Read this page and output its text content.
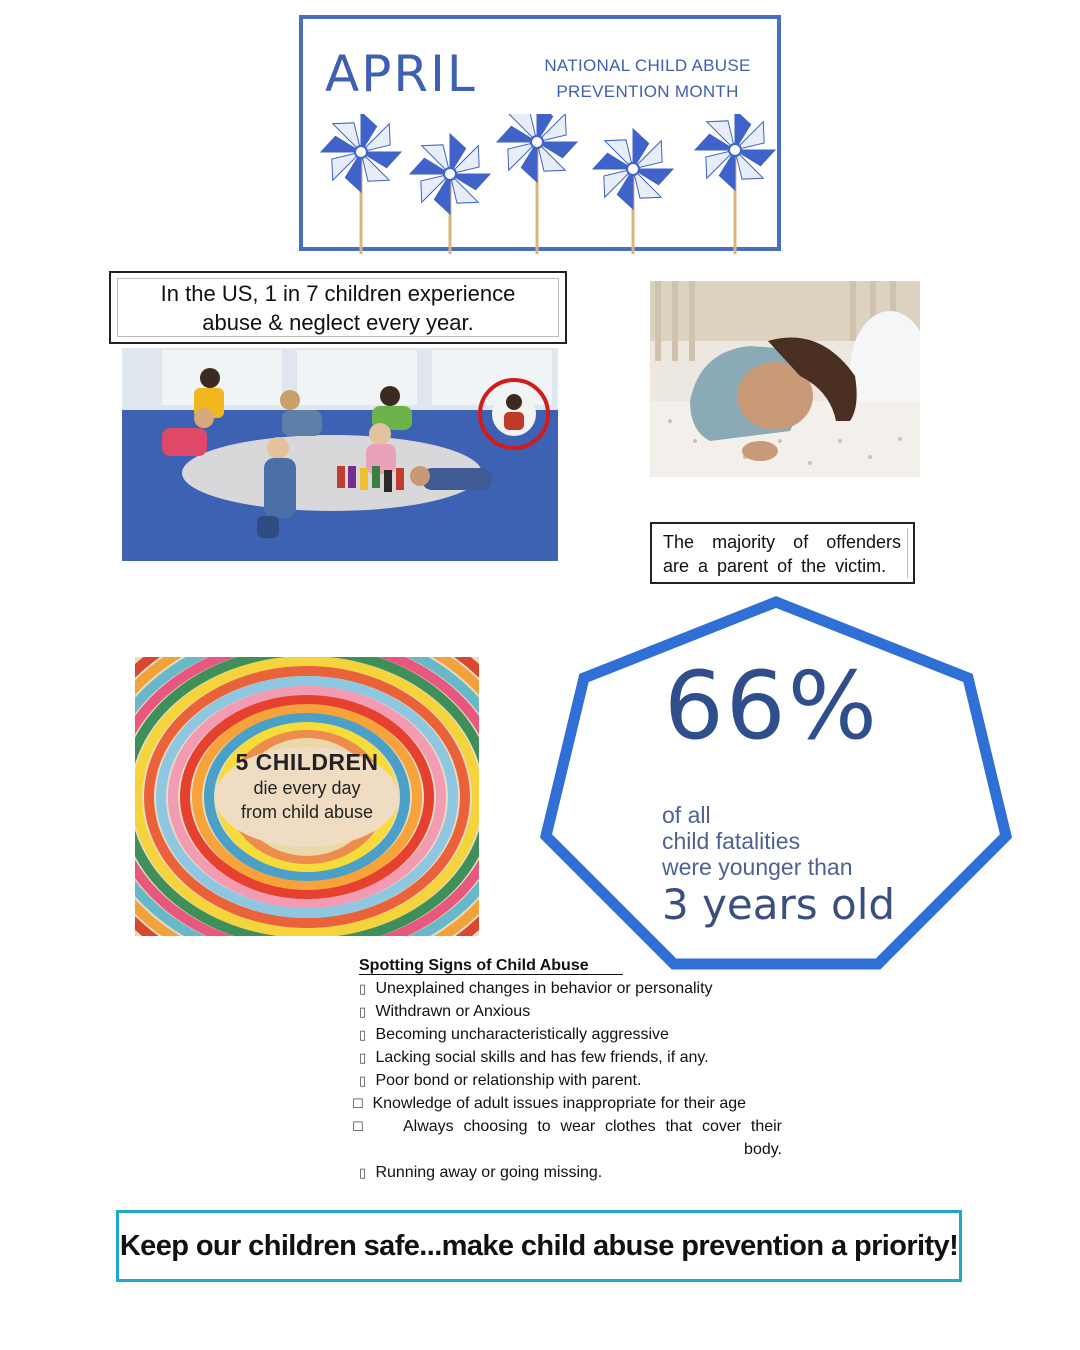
APRIL	NATIONAL CHILD ABUSE
PREVENTION MONTH
In the US, 1 in 7 children experience abuse & neglect every year.
The majority of offenders are a parent of the victim.
5 CHILDREN
die every day
from child abuse
66%
of all
child fatalities
were younger than
3 years old
Spotting Signs of Child Abuse
▯ Unexplained changes in behavior or personality
▯ Withdrawn or Anxious
▯ Becoming uncharacteristically aggressive
▯ Lacking social skills and has few friends, if any.
▯ Poor bond or relationship with parent.
☐ Knowledge of adult issues inappropriate for their age
☐ Always choosing to wear clothes that cover their body.
▯ Running away or going missing.
Keep our children safe...make child abuse prevention a priority!
